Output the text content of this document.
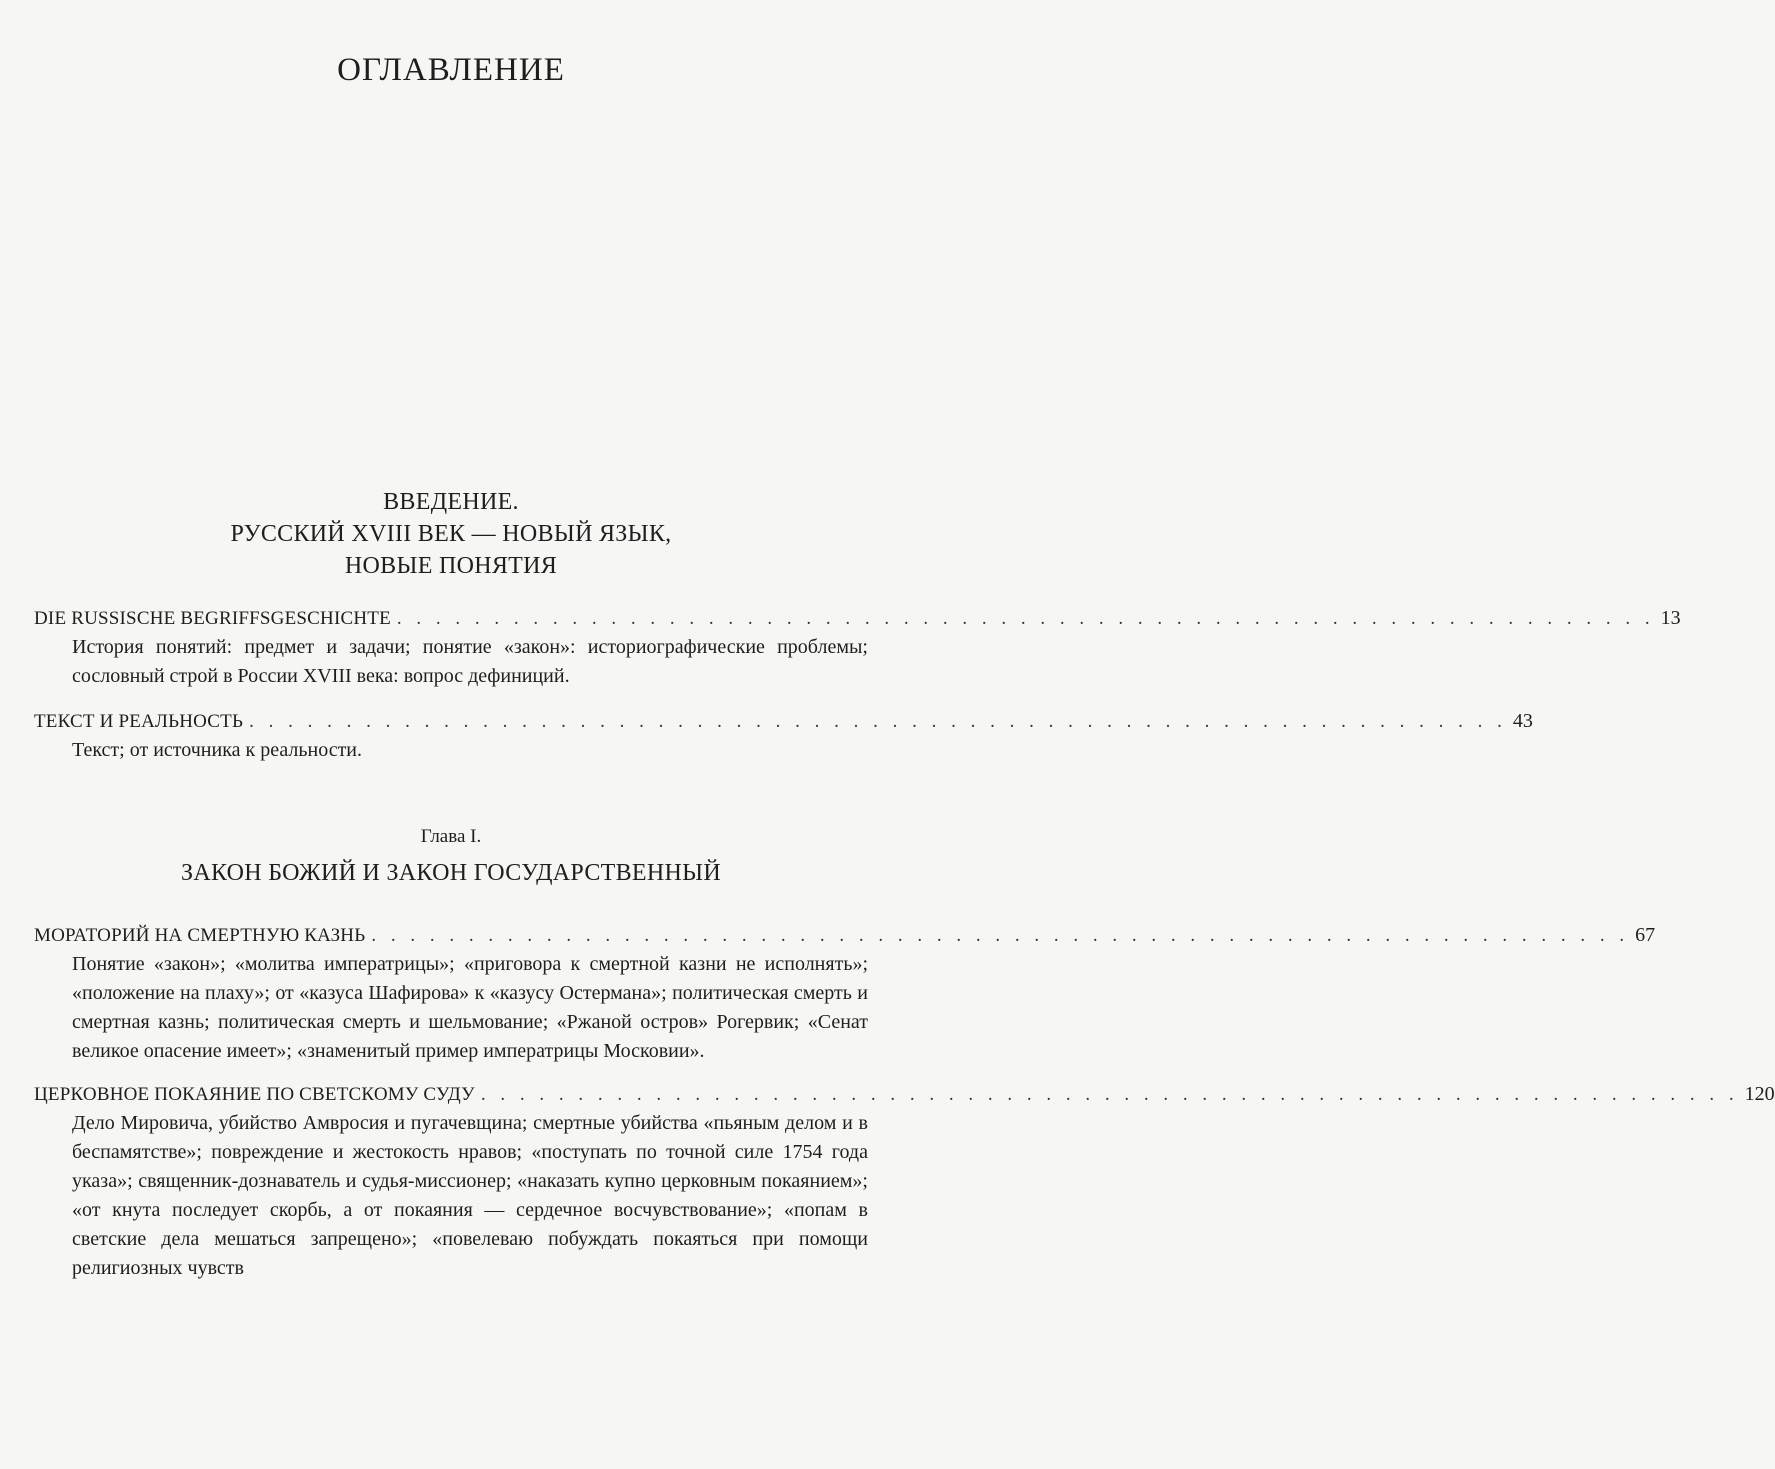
ОГЛАВЛЕНИЕ
ВВЕДЕНИЕ.
РУССКИЙ XVIII ВЕК — НОВЫЙ ЯЗЫК,
НОВЫЕ ПОНЯТИЯ
DIE RUSSISCHE BEGRIFFSGESCHICHTE . . . . . . . . . . . . . . . . . . . . . . . . . . . . . . . . . . . . . . . . . . . . . . . . . . . . . . . . . . . . . . . . . 13
История понятий: предмет и задачи; понятие «закон»: историографические проблемы; сословный строй в России XVIII века: вопрос дефиниций.
ТЕКСТ И РЕАЛЬНОСТЬ . . . . . . . . . . . . . . . . . . . . . . . . . . . . . . . . . . . . . . . . . . . . . . . . . . . . . . . . . . . . . . . . . 43
Текст; от источника к реальности.
Глава I.
ЗАКОН БОЖИЙ И ЗАКОН ГОСУДАРСТВЕННЫЙ
МОРАТОРИЙ НА СМЕРТНУЮ КАЗНЬ . . . . . . . . . . . . . . . . . . . . . . . . . . . . . . . . . . . . . . . . . . . . . . . . . . . . . . . . . . . . . . . . . 67
Понятие «закон»; «молитва императрицы»; «приговора к смертной казни не исполнять»; «положение на плаху»; от «казуса Шафирова» к «казусу Остермана»; политическая смерть и смертная казнь; политическая смерть и шельмование; «Ржаной остров» Рогервик; «Сенат великое опасение имеет»; «знаменитый пример императрицы Московии».
ЦЕРКОВНОЕ ПОКАЯНИЕ ПО СВЕТСКОМУ СУДУ . . . . . . . . . . . . . . . . . . . . . . . . . . . . . . . . . . . . . . . . . . . . . . . . . . . . . . . . . . . . . . . . . 120
Дело Мировича, убийство Амвросия и пугачевщина; смертные убийства «пьяным делом и в беспамятстве»; повреждение и жестокость нравов; «поступать по точной силе 1754 года указа»; священник-дознаватель и судья-миссионер; «наказать купно церковным покаянием»; «от кнута последует скорбь, а от покаяния — сердечное восчувствование»; «попам в светские дела мешаться запрещено»; «повелеваю побуждать покаяться при помощи религиозных чувств
